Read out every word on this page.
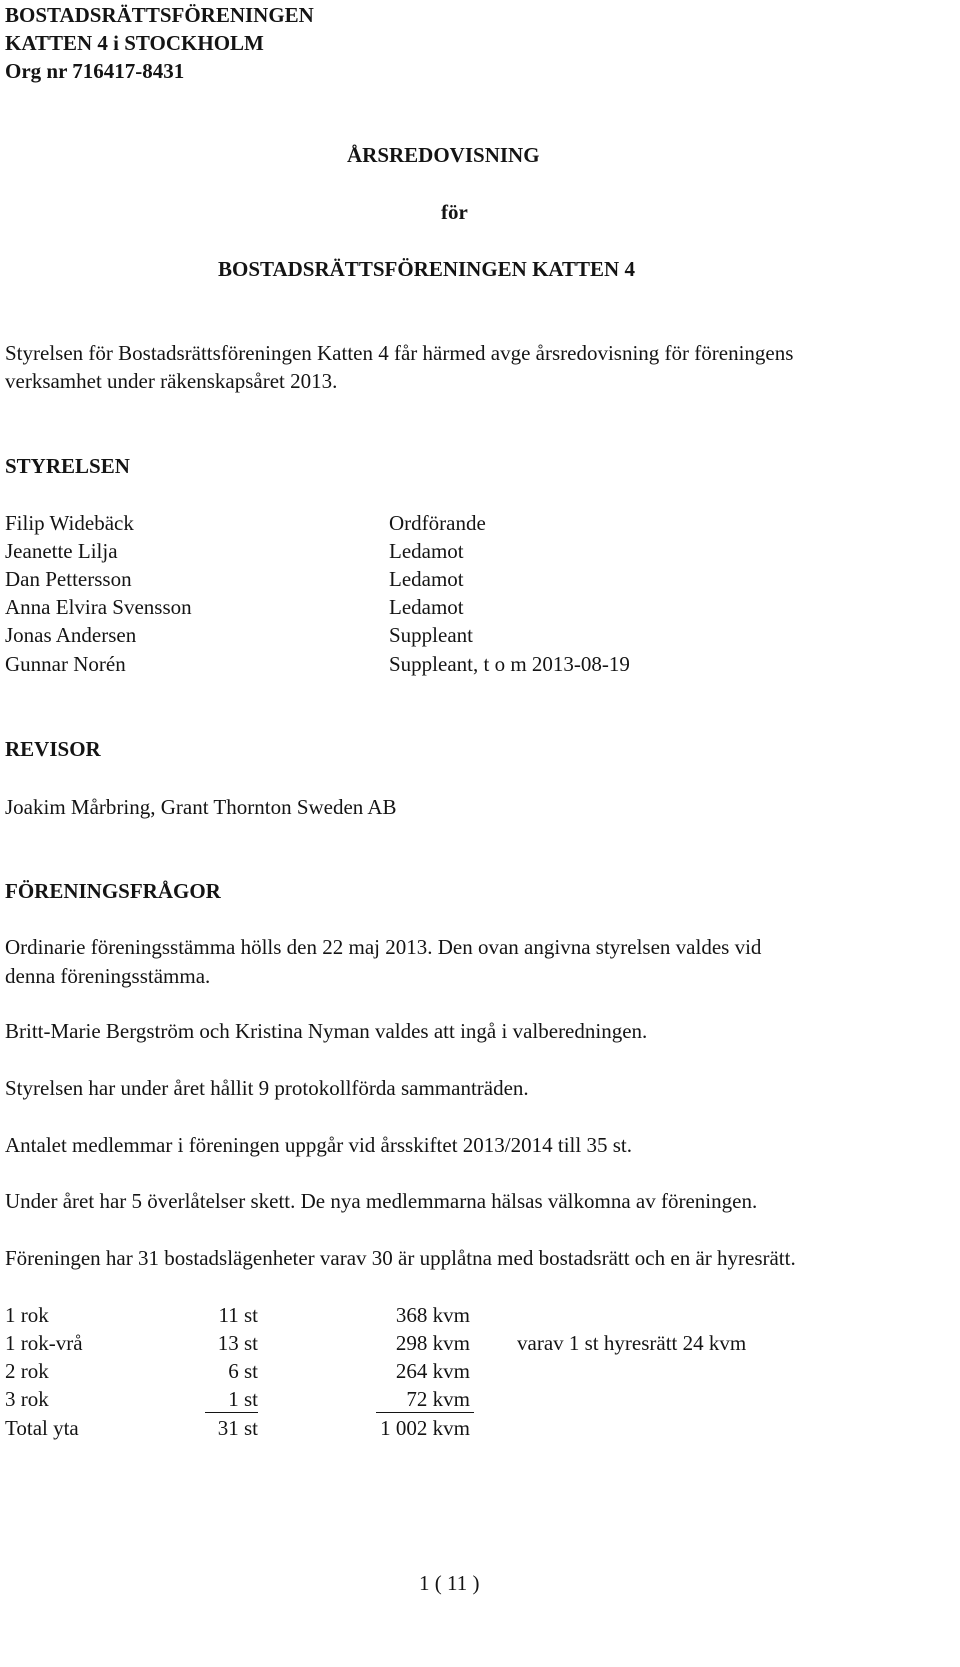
BOSTADSRÄTTSFÖRENINGEN
KATTEN 4 i STOCKHOLM
Org nr 716417-8431
ÅRSREDOVISNING
för
BOSTADSRÄTTSFÖRENINGEN KATTEN 4
Styrelsen för Bostadsrättsföreningen Katten 4 får härmed avge årsredovisning för föreningens
verksamhet under räkenskapsåret 2013.
STYRELSEN
Filip Widebäck	Ordförande
Jeanette Lilja	Ledamot
Dan Pettersson	Ledamot
Anna Elvira Svensson	Ledamot
Jonas Andersen	Suppleant
Gunnar Norén	Suppleant, t o m 2013-08-19
REVISOR
Joakim Mårbring, Grant Thornton Sweden AB
FÖRENINGSFRÅGOR
Ordinarie föreningsstämma hölls den 22 maj 2013. Den ovan angivna styrelsen valdes vid
denna föreningsstämma.
Britt-Marie Bergström och Kristina Nyman valdes att ingå i valberedningen.
Styrelsen har under året hållit 9 protokollförda sammanträden.
Antalet medlemmar i föreningen uppgår vid årsskiftet 2013/2014 till 35 st.
Under året har 5 överlåtelser skett. De nya medlemmarna hälsas välkomna av föreningen.
Föreningen har 31 bostadslägenheter varav 30 är upplåtna med bostadsrätt och en är hyresrätt.
1 rok	11 st	368 kvm
1 rok-vrå	13 st	298 kvm varav 1 st hyresrätt 24 kvm
2 rok	6 st	264 kvm
3 rok	1 st	72 kvm
Total yta	31 st	1 002 kvm
1 ( 11 )
